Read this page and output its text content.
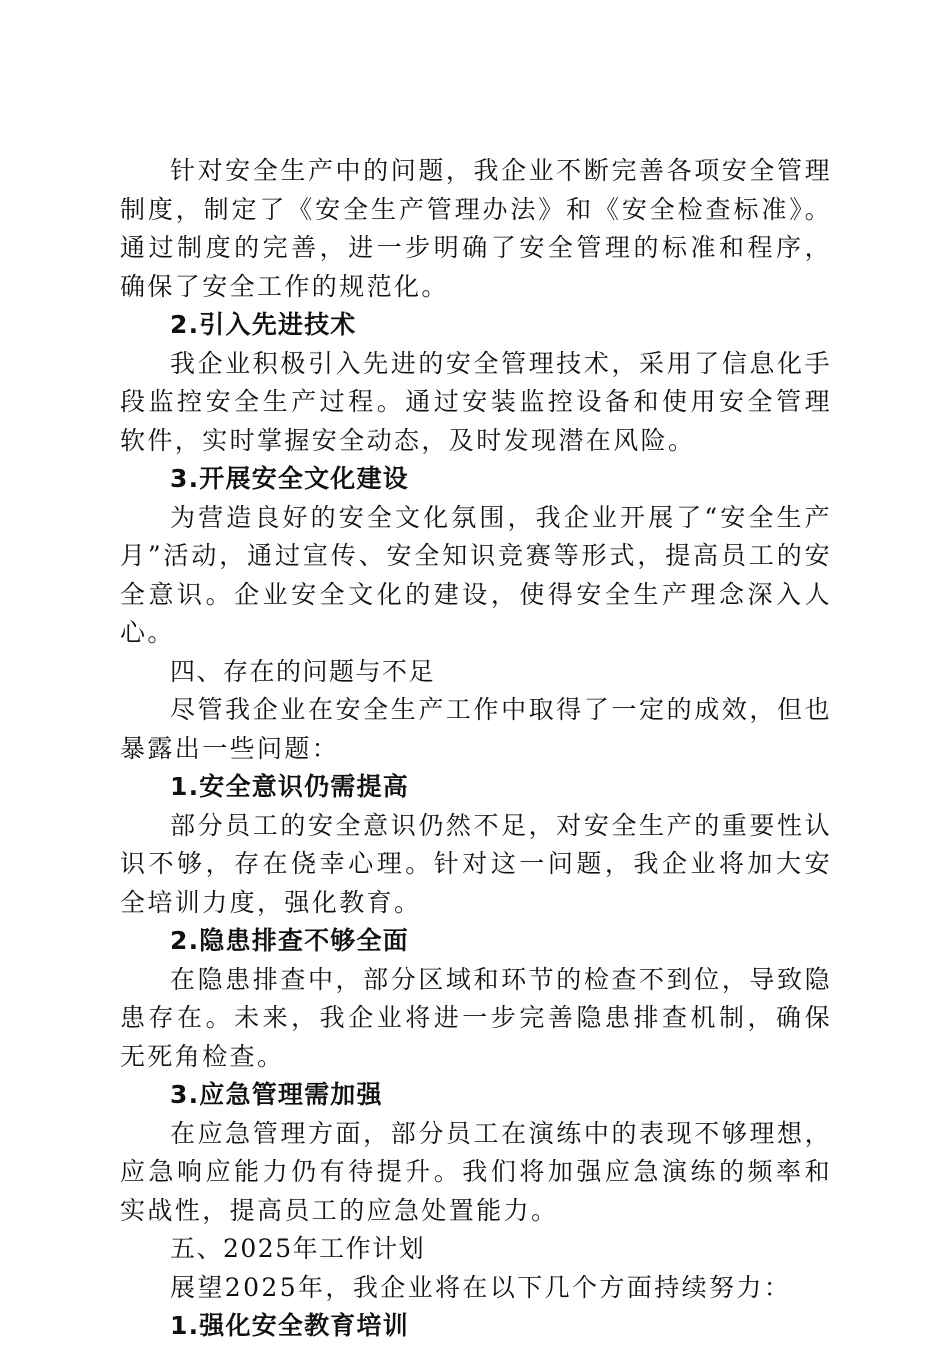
针对安全生产中的问题，我企业不断完善各项安全管理制度，制定了《安全生产管理办法》和《安全检查标准》。通过制度的完善，进一步明确了安全管理的标准和程序，确保了安全工作的规范化。

2.引入先进技术

我企业积极引入先进的安全管理技术，采用了信息化手段监控安全生产过程。通过安装监控设备和使用安全管理软件，实时掌握安全动态，及时发现潜在风险。

3.开展安全文化建设

为营造良好的安全文化氛围，我企业开展了“安全生产月”活动，通过宣传、安全知识竞赛等形式，提高员工的安全意识。企业安全文化的建设，使得安全生产理念深入人心。

四、存在的问题与不足

尽管我企业在安全生产工作中取得了一定的成效，但也暴露出一些问题：

1.安全意识仍需提高

部分员工的安全意识仍然不足，对安全生产的重要性认识不够，存在侥幸心理。针对这一问题，我企业将加大安全培训力度，强化教育。

2.隐患排查不够全面

在隐患排查中，部分区域和环节的检查不到位，导致隐患存在。未来，我企业将进一步完善隐患排查机制，确保无死角检查。

3.应急管理需加强

在应急管理方面，部分员工在演练中的表现不够理想，应急响应能力仍有待提升。我们将加强应急演练的频率和实战性，提高员工的应急处置能力。

五、2025年工作计划

展望2025年，我企业将在以下几个方面持续努力：

1.强化安全教育培训
